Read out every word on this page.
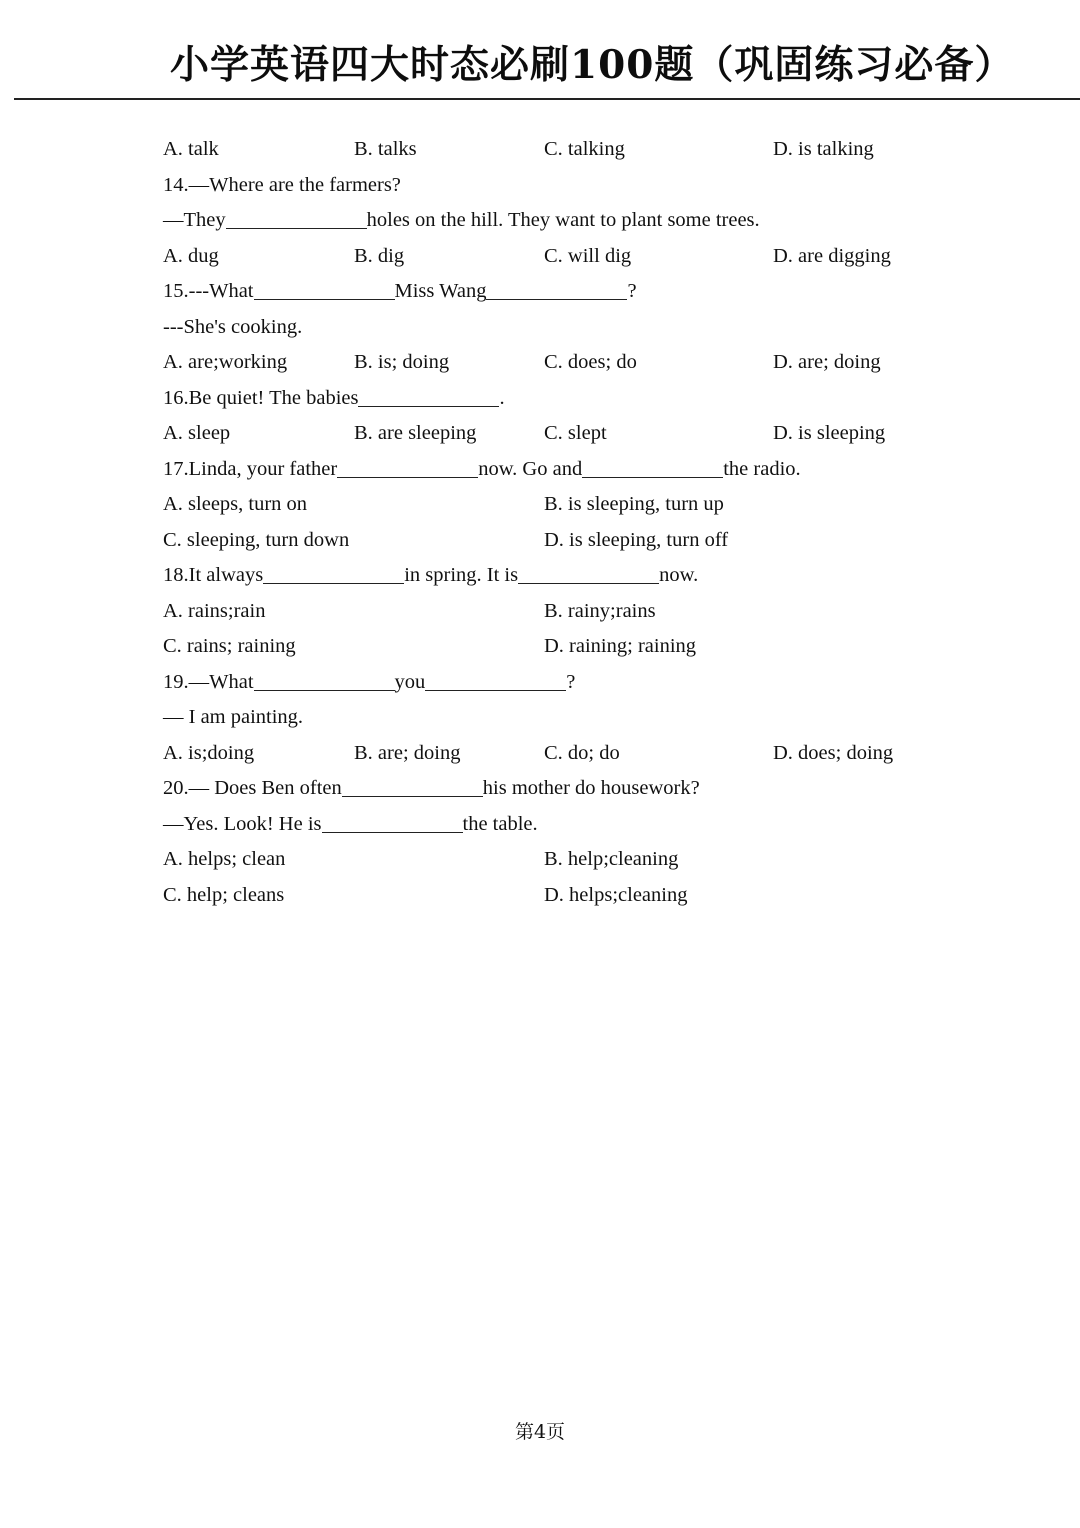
小学英语四大时态必刷100题（巩固练习必备）
A. talk	B. talks	C. talking	D. is talking
14.—Where are the farmers?
—They	holes on the hill. They want to plant some trees.
A. dug	B. dig	C. will dig	D. are digging
15.---What	Miss Wang	?
---She's cooking.
A. are;working	B. is; doing	C. does; do	D. are; doing
16.Be quiet! The babies	.
A. sleep	B. are sleeping	C. slept	D. is sleeping
17.Linda, your father	now. Go and	the radio.
A. sleeps, turn on	B. is sleeping, turn up
C. sleeping, turn down	D. is sleeping, turn off
18.It always	in spring. It is	now.
A. rains;rain	B. rainy;rains
C. rains; raining	D. raining; raining
19.—What	you	?
— I am painting.
A. is;doing	B. are; doing	C. do; do	D. does; doing
20.— Does Ben often	his mother do housework?
—Yes. Look! He is	the table.
A. helps; clean	B. help;cleaning
C. help; cleans	D. helps;cleaning
第4页
